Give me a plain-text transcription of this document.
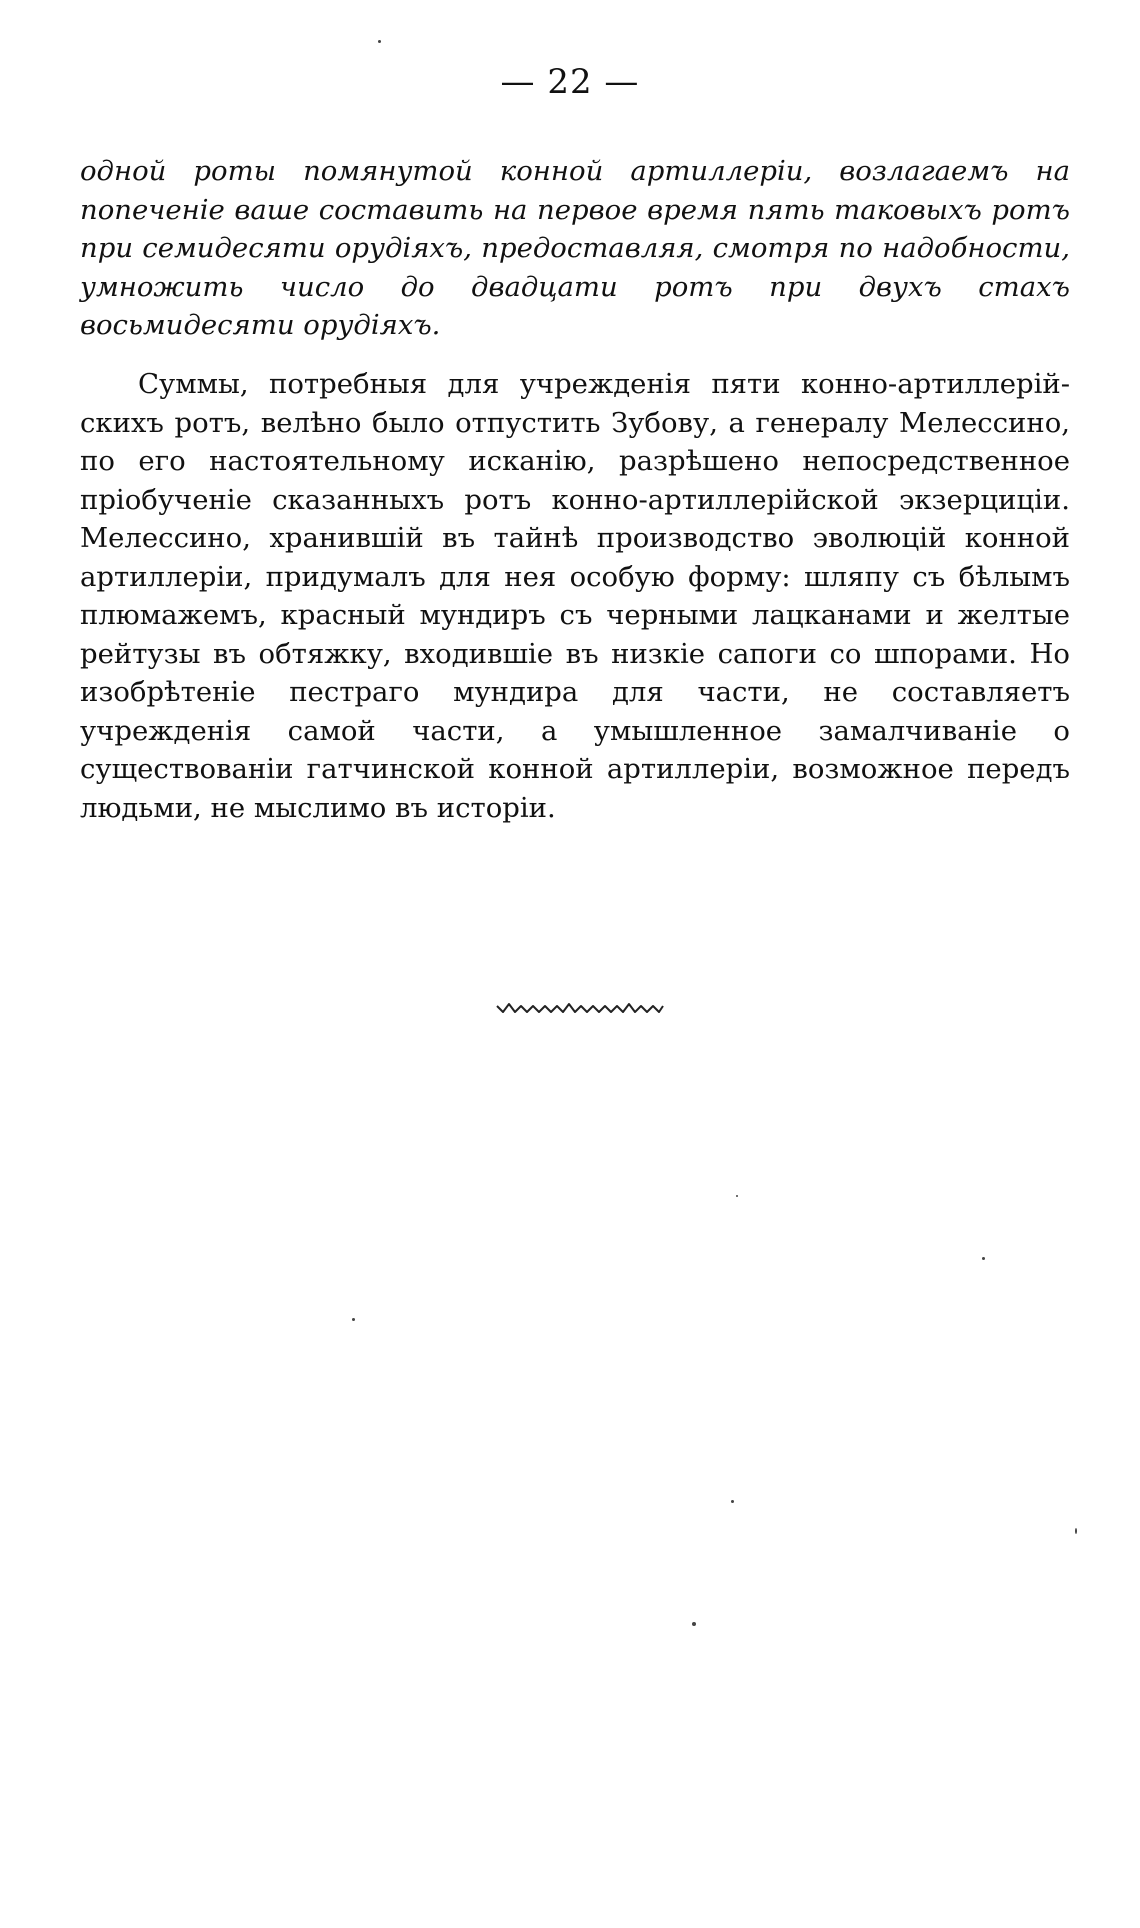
— 22 —
одной роты помянутой конной артиллеріи, возлагаемъ на попеченіе ваше составить на первое время пять таковыхъ ротъ при семидесяти орудіяхъ, предоставляя, смотря по надобности, умножить число до двадцати ротъ при двухъ стахъ восьмидесяти орудіяхъ.
Суммы, потребныя для учрежденія пяти конно-артиллерій-скихъ ротъ, велѣно было отпустить Зубову, а генералу Мелессино, по его настоятельному исканію, разрѣшено непосредственное пріобученіе сказанныхъ ротъ конно-артиллерійской экзерциціи. Мелессино, хранившій въ тайнѣ производство эволюцій конной артиллеріи, придумалъ для нея особую форму: шляпу съ бѣлымъ плюмажемъ, красный мундиръ съ черными лацканами и желтые рейтузы въ обтяжку, входившіе въ низкіе сапоги со шпорами. Но изобрѣтеніе пестраго мундира для части, не составляетъ учрежденія самой части, а умышленное замалчиваніе о существованіи гатчинской конной артиллеріи, возможное передъ людьми, не мыслимо въ исторіи.
